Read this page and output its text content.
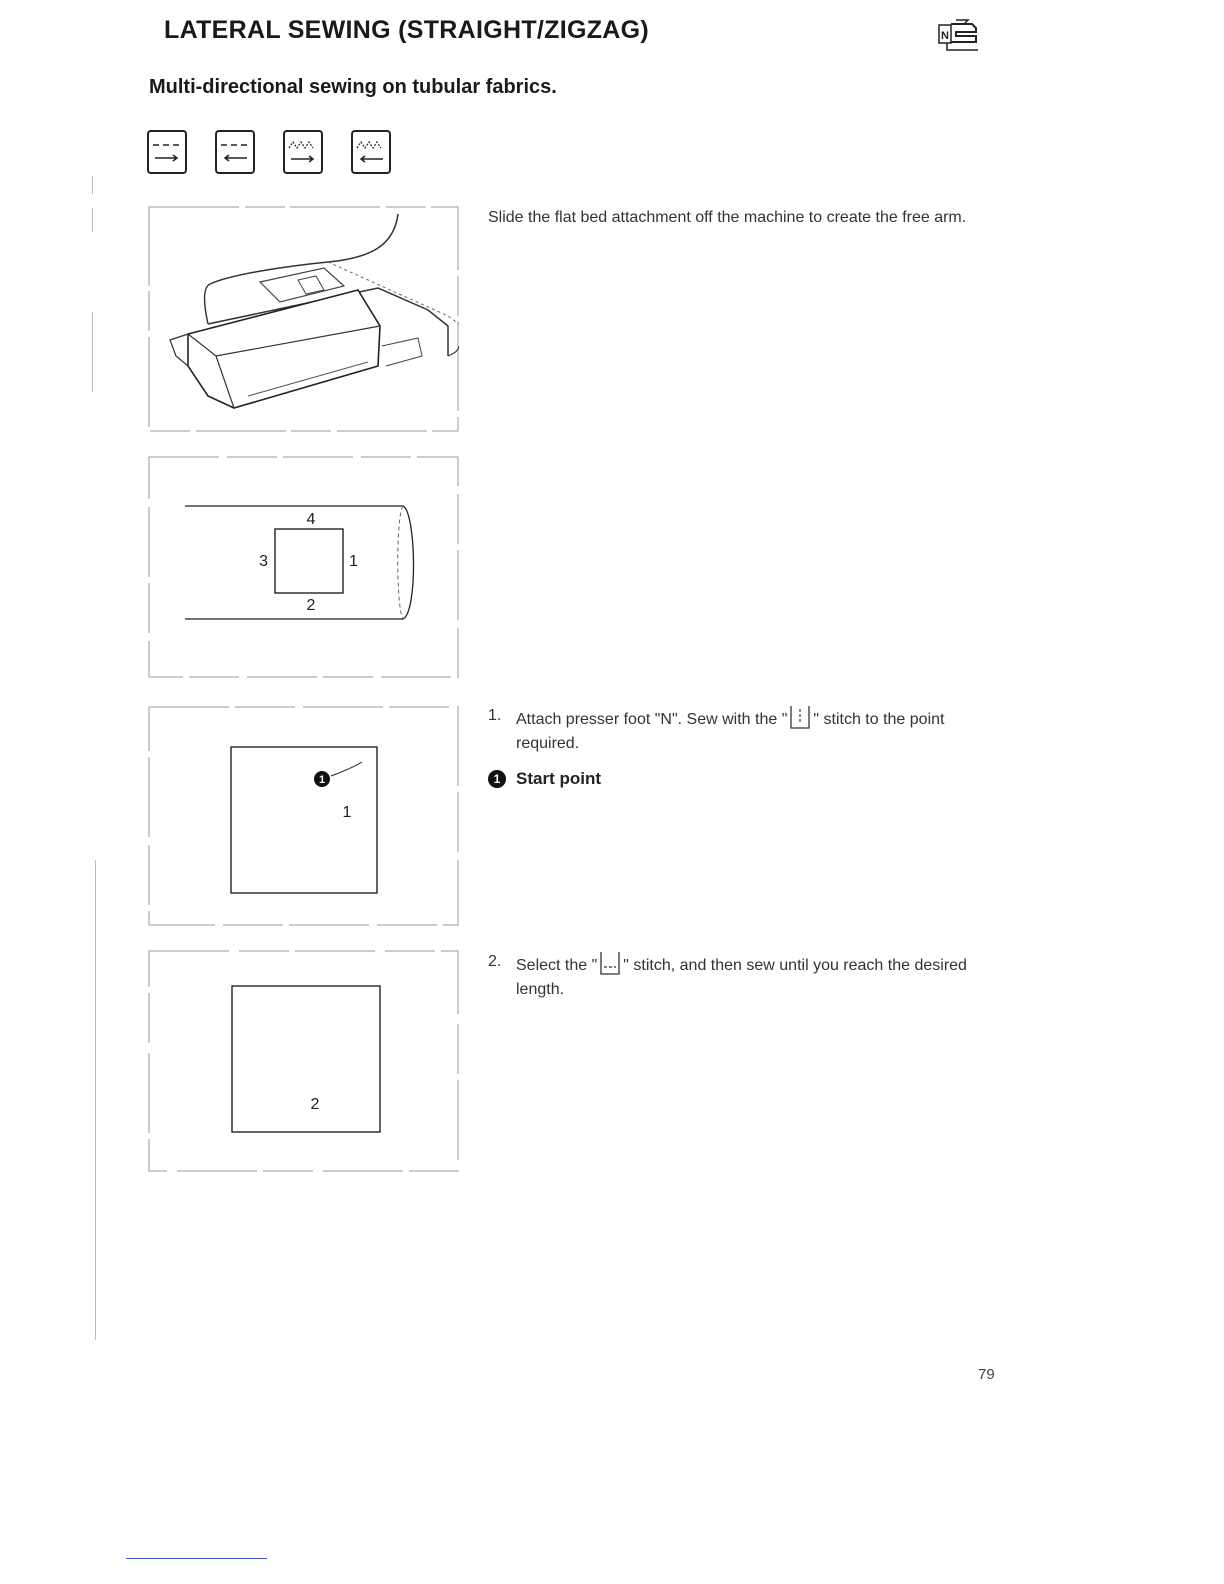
LATERAL SEWING (STRAIGHT/ZIGZAG)	N
Multi-directional sewing on tubular fabrics.
4
3	1
2
1
1
2
Slide the flat bed attachment off the machine to create the free arm.
1. Attach presser foot "N". Sew with the " " stitch to the point required.
1 Start point
2. Select the " " stitch, and then sew until you reach the desired length.
79
